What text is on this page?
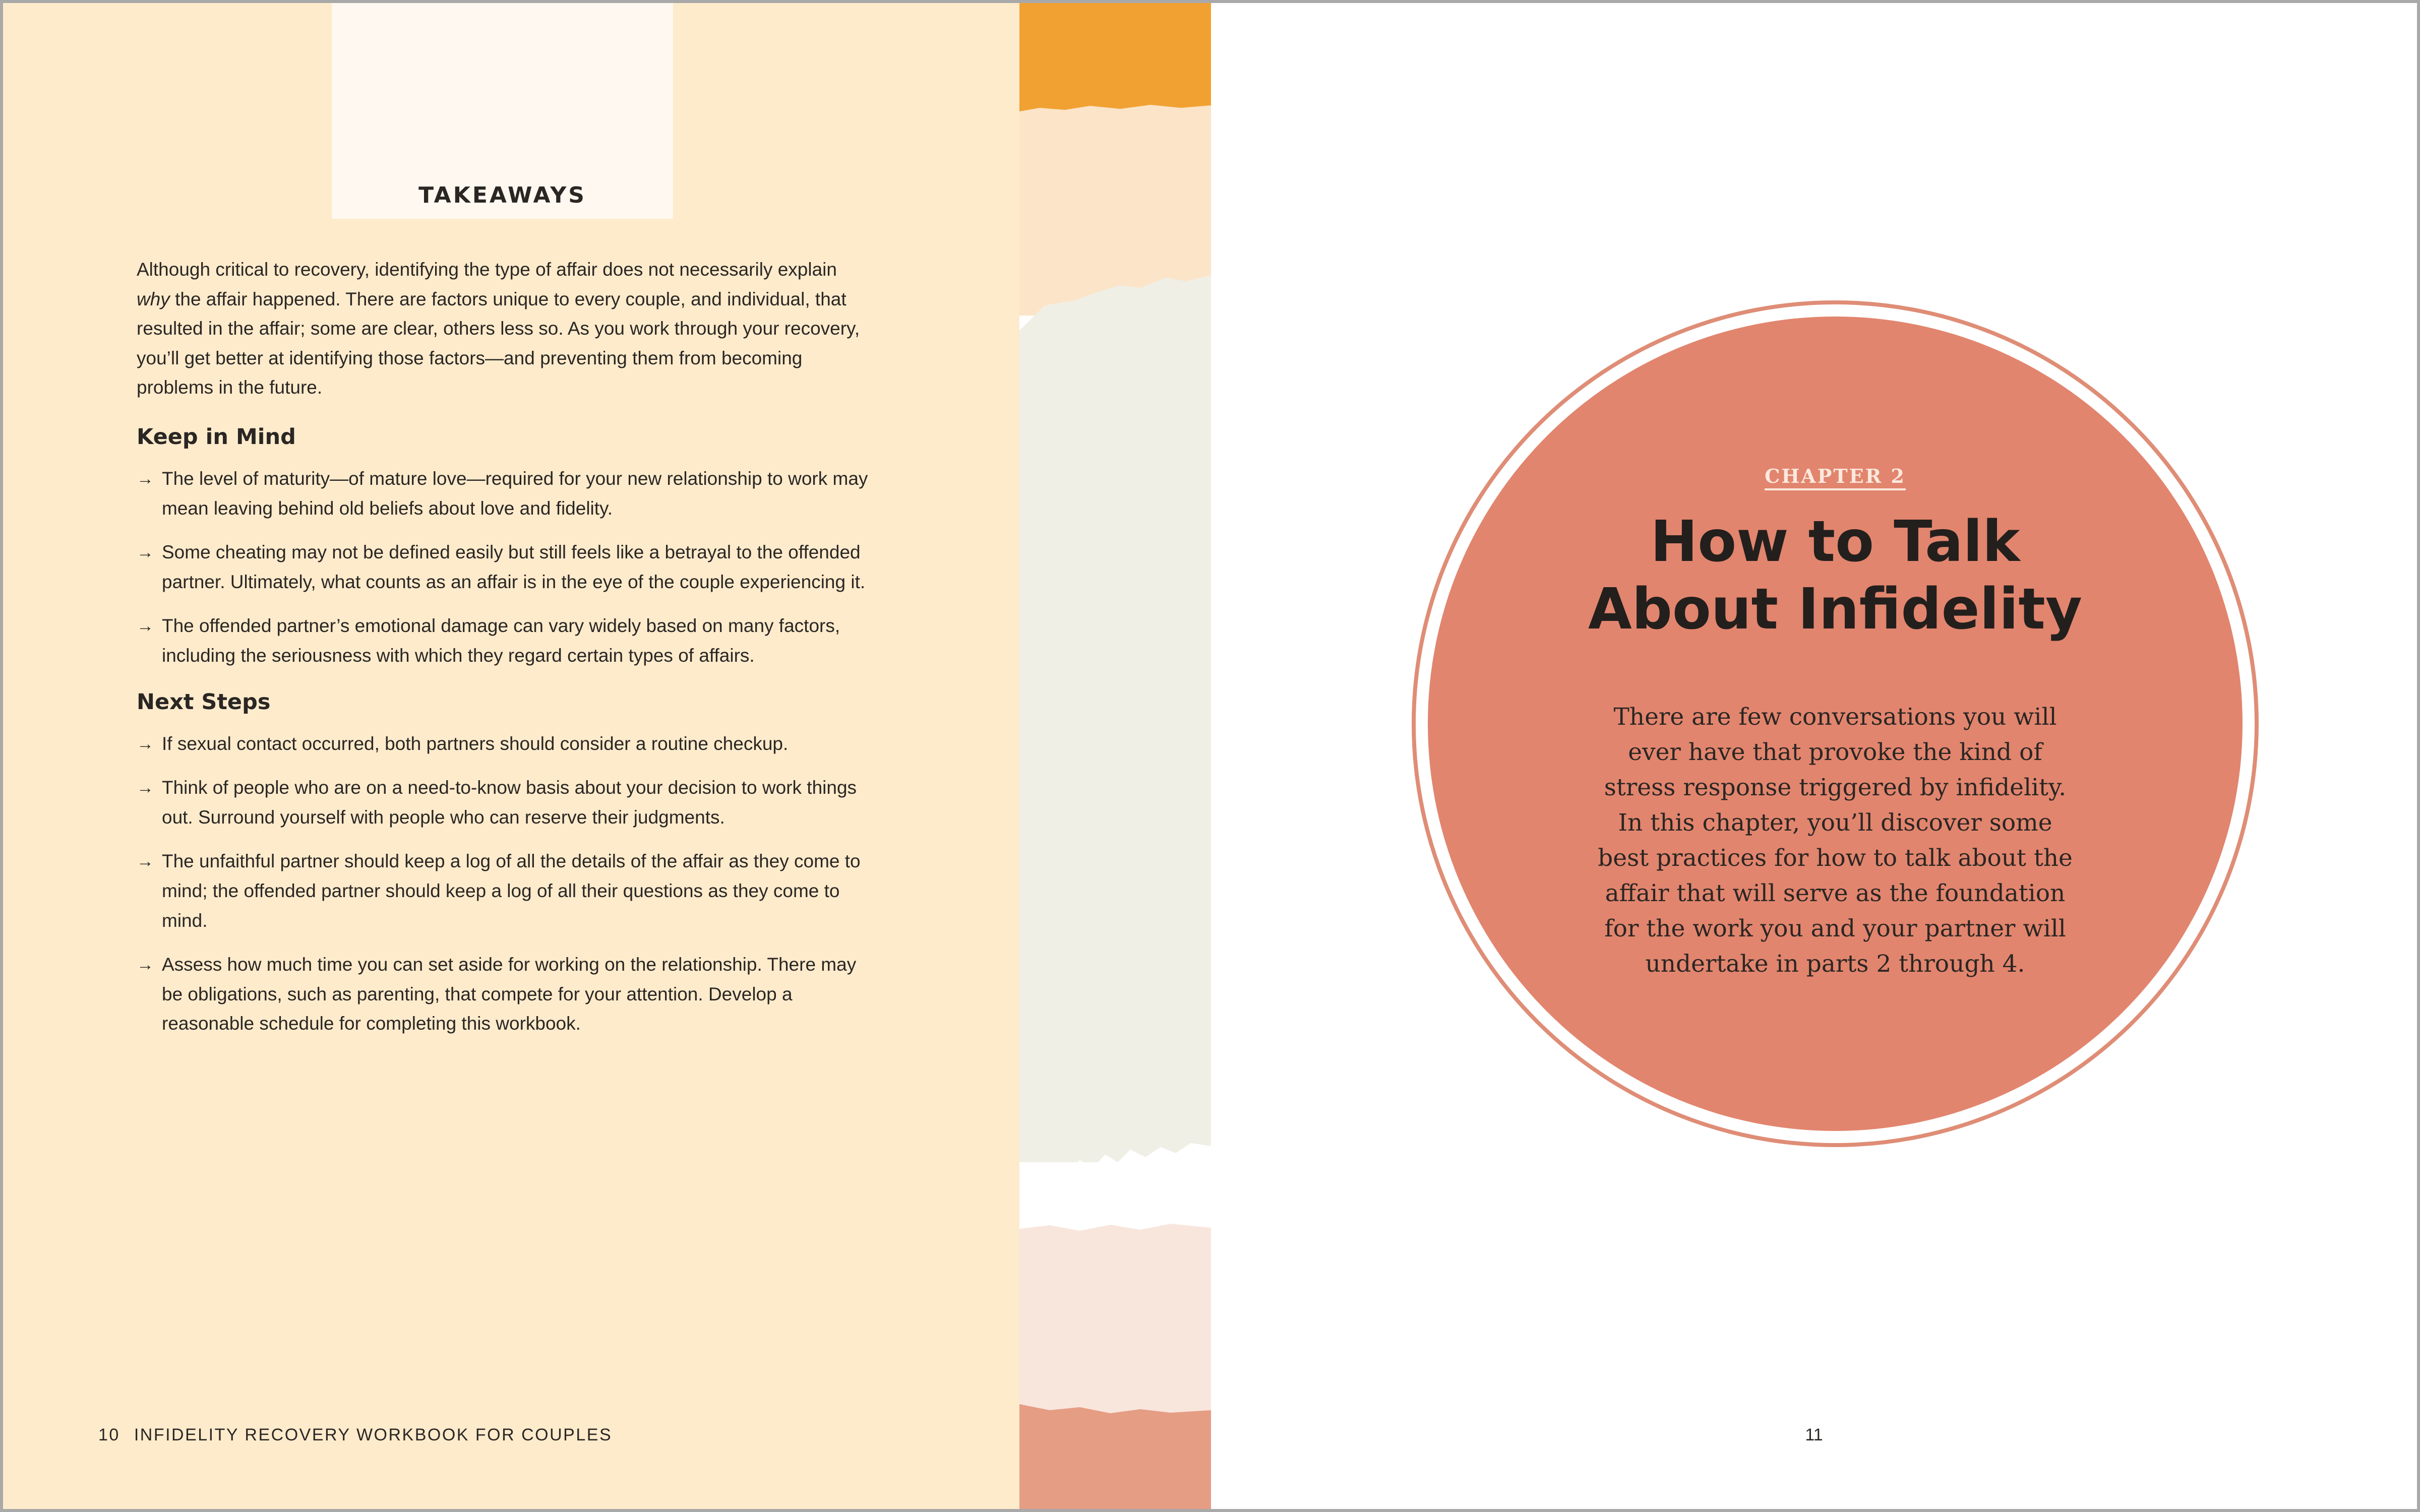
TAKEAWAYS

Although critical to recovery, identifying the type of affair does not necessarily explain why the affair happened. There are factors unique to every couple, and individual, that resulted in the affair; some are clear, others less so. As you work through your recovery, you’ll get better at identifying those factors—and preventing them from becoming problems in the future.

Keep in Mind
→ The level of maturity—of mature love—required for your new relationship to work may mean leaving behind old beliefs about love and fidelity.
→ Some cheating may not be defined easily but still feels like a betrayal to the offended partner. Ultimately, what counts as an affair is in the eye of the couple experiencing it.
→ The offended partner’s emotional damage can vary widely based on many factors, including the seriousness with which they regard certain types of affairs.
Next Steps
→ If sexual contact occurred, both partners should consider a routine checkup.
→ Think of people who are on a need-to-know basis about your decision to work things out. Surround yourself with people who can reserve their judgments.
→ The unfaithful partner should keep a log of all the details of the affair as they come to mind; the offended partner should keep a log of all their questions as they come to mind.
→ Assess how much time you can set aside for working on the relationship. There may be obligations, such as parenting, that compete for your attention. Develop a reasonable schedule for completing this workbook.
10 INFIDELITY RECOVERY WORKBOOK FOR COUPLES
CHAPTER 2
How to Talk
About Infidelity
There are few conversations you will ever have that provoke the kind of stress response triggered by infidelity. In this chapter, you’ll discover some best practices for how to talk about the affair that will serve as the foundation for the work you and your partner will undertake in parts 2 through 4.
11
